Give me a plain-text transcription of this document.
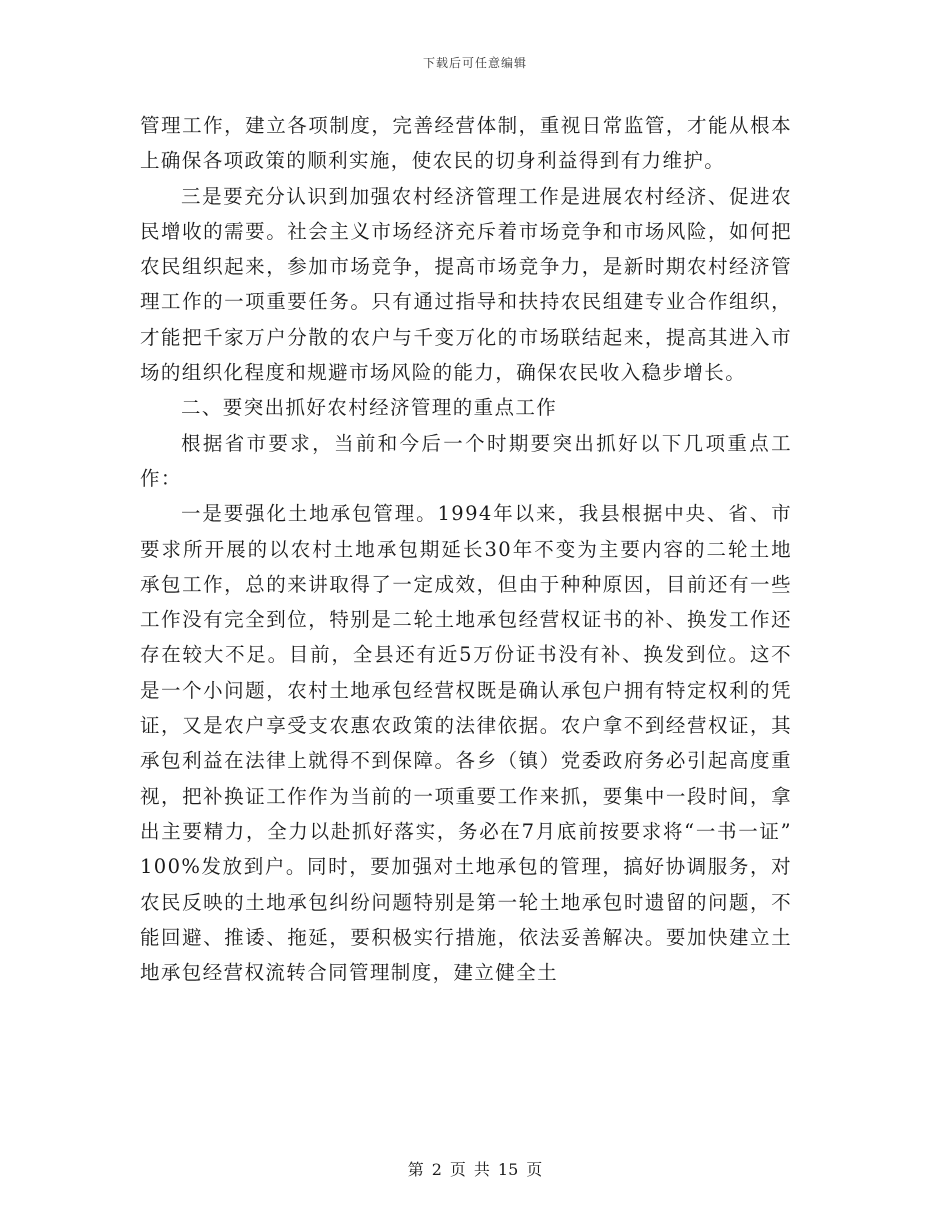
下载后可任意编辑

管理工作，建立各项制度，完善经营体制，重视日常监管，才能从根本上确保各项政策的顺利实施，使农民的切身利益得到有力维护。

三是要充分认识到加强农村经济管理工作是进展农村经济、促进农民增收的需要。社会主义市场经济充斥着市场竞争和市场风险，如何把农民组织起来，参加市场竞争，提高市场竞争力，是新时期农村经济管理工作的一项重要任务。只有通过指导和扶持农民组建专业合作组织，才能把千家万户分散的农户与千变万化的市场联结起来，提高其进入市场的组织化程度和规避市场风险的能力，确保农民收入稳步增长。

二、要突出抓好农村经济管理的重点工作

根据省市要求，当前和今后一个时期要突出抓好以下几项重点工作：

一是要强化土地承包管理。1994年以来，我县根据中央、省、市要求所开展的以农村土地承包期延长30年不变为主要内容的二轮土地承包工作，总的来讲取得了一定成效，但由于种种原因，目前还有一些工作没有完全到位，特别是二轮土地承包经营权证书的补、换发工作还存在较大不足。目前，全县还有近5万份证书没有补、换发到位。这不是一个小问题，农村土地承包经营权既是确认承包户拥有特定权利的凭证，又是农户享受支农惠农政策的法律依据。农户拿不到经营权证，其承包利益在法律上就得不到保障。各乡（镇）党委政府务必引起高度重视，把补换证工作作为当前的一项重要工作来抓，要集中一段时间，拿出主要精力，全力以赴抓好落实，务必在7月底前按要求将“一书一证” 100%发放到户。同时，要加强对土地承包的管理，搞好协调服务，对农民反映的土地承包纠纷问题特别是第一轮土地承包时遗留的问题，不能回避、推诿、拖延，要积极实行措施，依法妥善解决。要加快建立土地承包经营权流转合同管理制度，建立健全土

第 2 页 共 15 页
